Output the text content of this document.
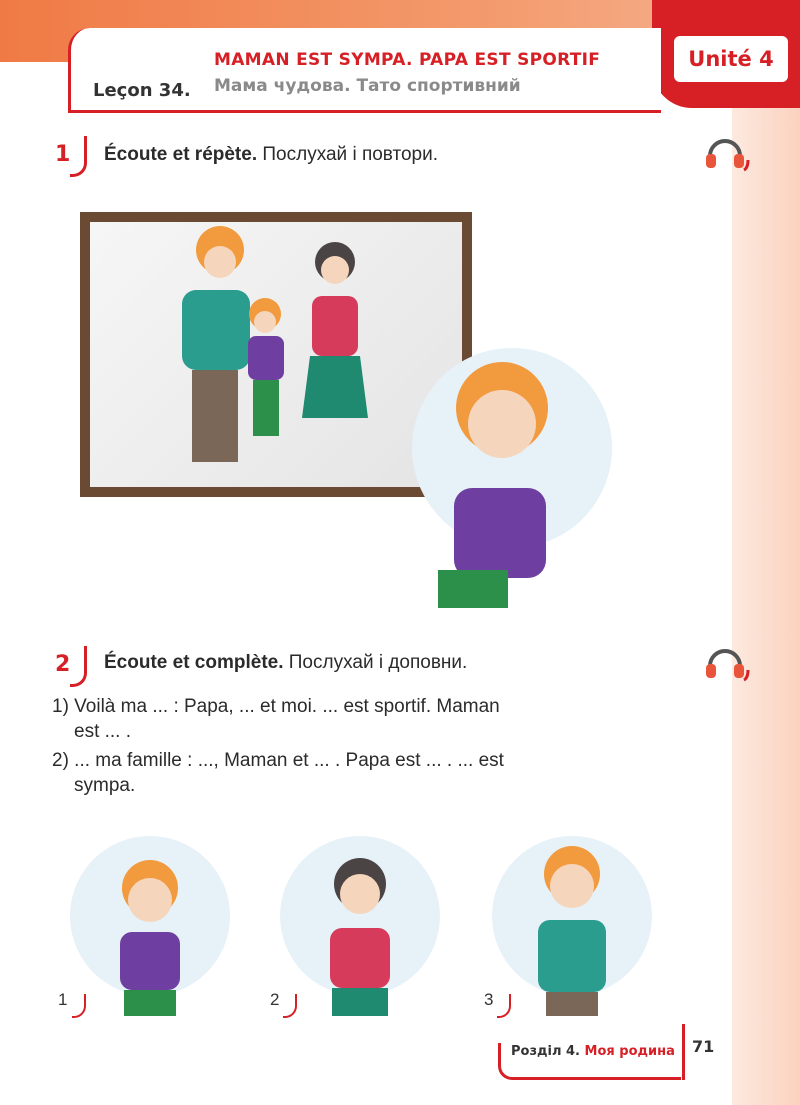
Unité 4
Leçon 34.
MAMAN EST SYMPA. PAPA EST SPORTIF
Мама чудова. Тато спортивний
1 Écoute et répète. Послухай і повтори.
2 Écoute et complète. Послухай і доповни.
1) Voilà ma ... : Papa, ... et moi. ... est sportif. Maman
est ... .
2) ... ma famille : ..., Maman et ... . Papa est ... . ... est
sympa.
1	2	3
Розділ 4. Моя родина 71
